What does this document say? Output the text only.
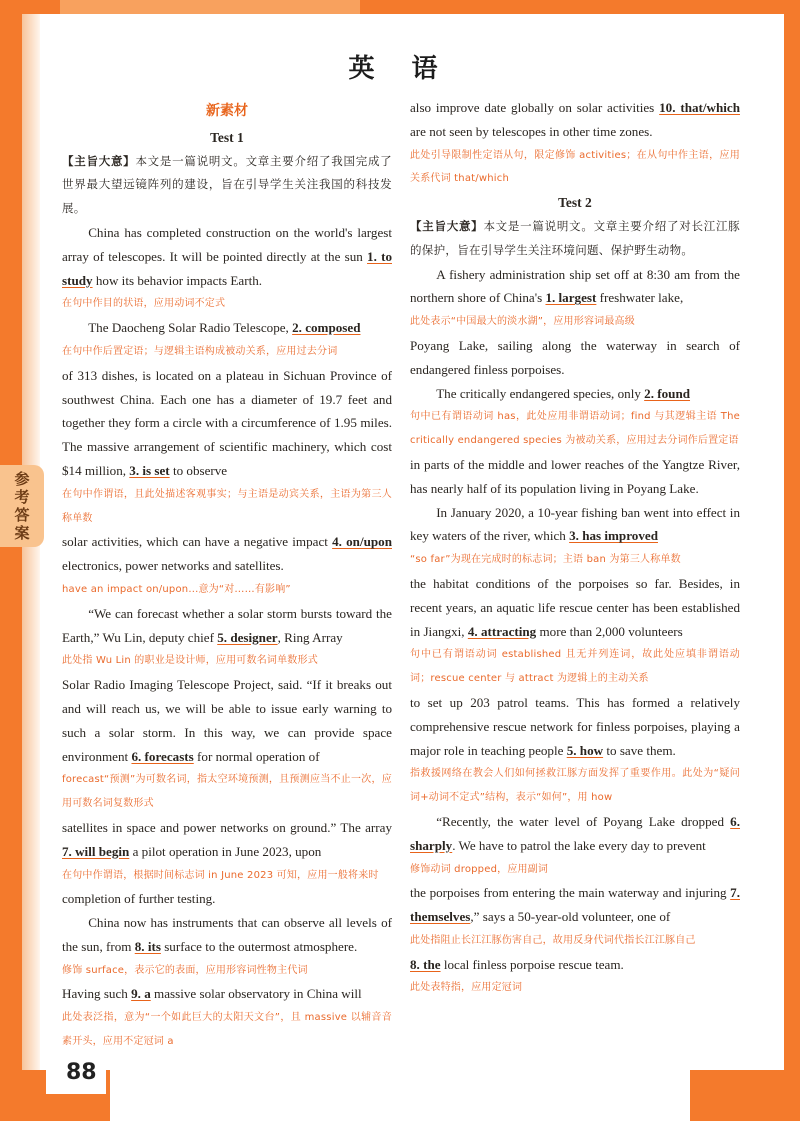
参
考
答
案
88
英 语
新素材
Test 1

【主旨大意】本文是一篇说明文。文章主要介绍了我国完成了世界最大望远镜阵列的建设，旨在引导学生关注我国的科技发展。

China has completed construction on the world's largest array of telescopes. It will be pointed directly at the sun 1. to study how its behavior impacts Earth.

在句中作目的状语，应用动词不定式

The Daocheng Solar Radio Telescope, 2. composed

在句中作后置定语；与逻辑主语构成被动关系，应用过去分词

of 313 dishes, is located on a plateau in Sichuan Province of southwest China. Each one has a diameter of 19.7 feet and together they form a circle with a circumference of 1.95 miles. The massive arrangement of scientific machinery, which cost $14 million, 3. is set to observe

在句中作谓语，且此处描述客观事实；与主语是动宾关系，主语为第三人称单数

solar activities, which can have a negative impact 4. on/upon electronics, power networks and satellites.

have an impact on/upon...意为“对……有影响”

“We can forecast whether a solar storm bursts toward the Earth,” Wu Lin, deputy chief 5. designer, Ring Array

此处指 Wu Lin 的职业是设计师，应用可数名词单数形式

Solar Radio Imaging Telescope Project, said. “If it breaks out and will reach us, we will be able to issue early warning to such a solar storm. In this way, we can provide space environment 6. forecasts for normal operation of

forecast“预测”为可数名词，指太空环境预测，且预测应当不止一次，应用可数名词复数形式

satellites in space and power networks on ground.” The array 7. will begin a pilot operation in June 2023, upon

在句中作谓语，根据时间标志词 in June 2023 可知，应用一般将来时

completion of further testing.

China now has instruments that can observe all levels of the sun, from 8. its surface to the outermost atmosphere.

修饰 surface，表示它的表面，应用形容词性物主代词

Having such 9. a massive solar observatory in China will

此处表泛指，意为“一个如此巨大的太阳天文台”，且 massive 以辅音音素开头，应用不定冠词 a

also improve date globally on solar activities 10. that/which are not seen by telescopes in other time zones.

此处引导限制性定语从句，限定修饰 activities；在从句中作主语，应用关系代词 that/which
Test 2

【主旨大意】本文是一篇说明文。文章主要介绍了对长江江豚的保护，旨在引导学生关注环境问题、保护野生动物。

A fishery administration ship set off at 8:30 am from the northern shore of China's 1. largest freshwater lake,

此处表示“中国最大的淡水湖”，应用形容词最高级

Poyang Lake, sailing along the waterway in search of endangered finless porpoises.

The critically endangered species, only 2. found

句中已有谓语动词 has，此处应用非谓语动词；find 与其逻辑主语 The critically endangered species 为被动关系，应用过去分词作后置定语

in parts of the middle and lower reaches of the Yangtze River, has nearly half of its population living in Poyang Lake.

In January 2020, a 10-year fishing ban went into effect in key waters of the river, which 3. has improved

“so far”为现在完成时的标志词；主语 ban 为第三人称单数

the habitat conditions of the porpoises so far. Besides, in recent years, an aquatic life rescue center has been established in Jiangxi, 4. attracting more than 2,000 volunteers

句中已有谓语动词 established 且无并列连词，故此处应填非谓语动词；rescue center 与 attract 为逻辑上的主动关系

to set up 203 patrol teams. This has formed a relatively comprehensive rescue network for finless porpoises, playing a major role in teaching people 5. how to save them.

指救援网络在教会人们如何拯救江豚方面发挥了重要作用。此处为“疑问词+动词不定式”结构，表示“如何”，用 how

“Recently, the water level of Poyang Lake dropped 6. sharply. We have to patrol the lake every day to prevent

修饰动词 dropped，应用副词

the porpoises from entering the main waterway and injuring 7. themselves,” says a 50-year-old volunteer, one of

此处指阻止长江江豚伤害自己，故用反身代词代指长江江豚自己

8. the local finless porpoise rescue team.

此处表特指，应用定冠词
